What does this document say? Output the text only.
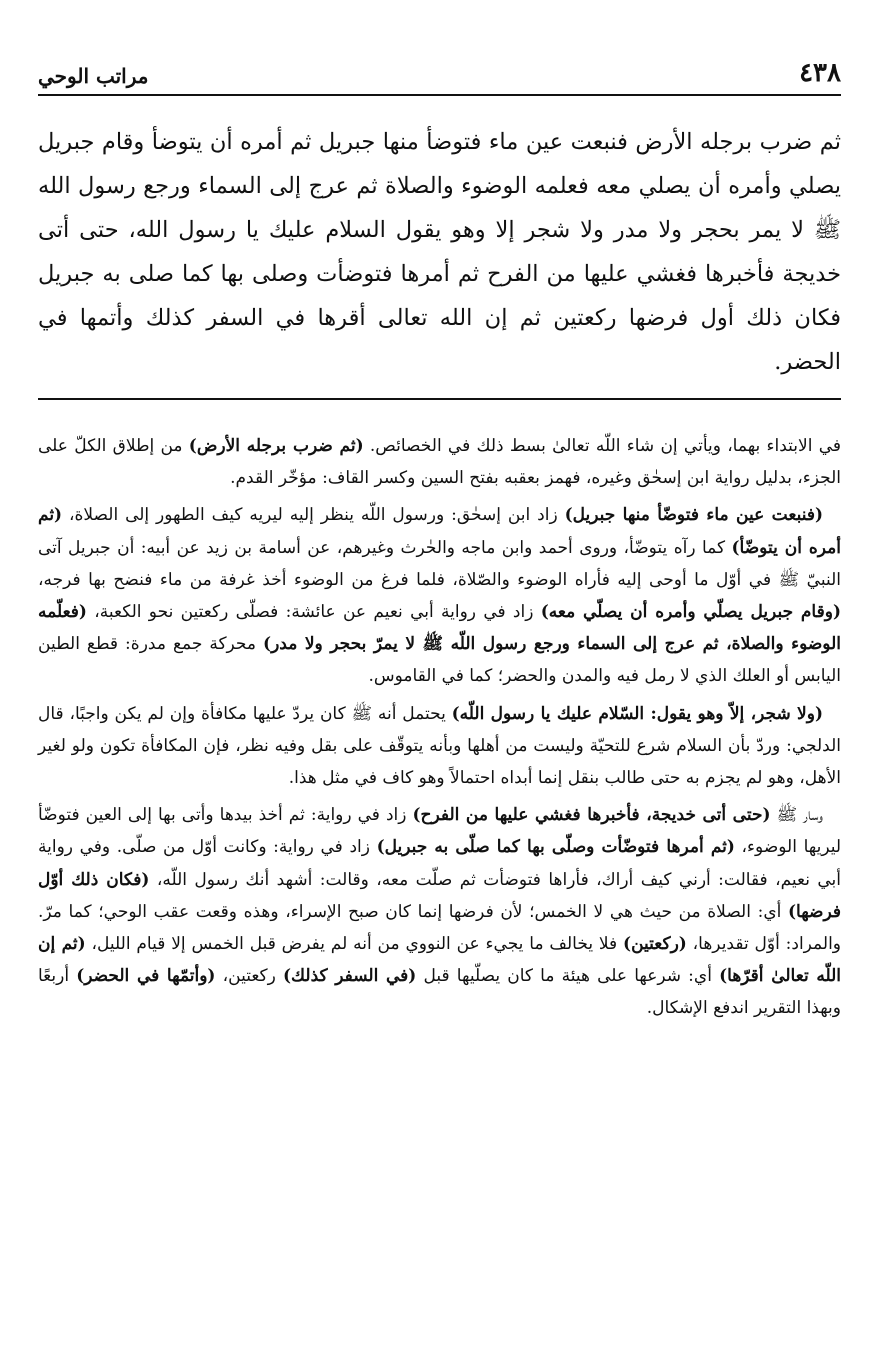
٤٣٨
مراتب الوحي
ثم ضرب برجله الأرض فنبعت عين ماء فتوضأ منها جبريل ثم أمره أن يتوضأ وقام جبريل يصلي وأمره أن يصلي معه فعلمه الوضوء والصلاة ثم عرج إلى السماء ورجع رسول الله ﷺ لا يمر بحجر ولا مدر ولا شجر إلا وهو يقول السلام عليك يا رسول الله، حتى أتى خديجة فأخبرها فغشي عليها من الفرح ثم أمرها فتوضأت وصلى بها كما صلى به جبريل فكان ذلك أول فرضها ركعتين ثم إن الله تعالى أقرها في السفر كذلك وأتمها في الحضر.

في الابتداء بهما، ويأتي إن شاء اللّه تعالىٰ بسط ذلك في الخصائص. (ثم ضرب برجله الأرض) من إطلاق الكلّ على الجزء، بدليل رواية ابن إسحٰق وغيره، فهمز بعقبه بفتح السين وكسر القاف: مؤخّر القدم.

(فنبعت عين ماء فتوضّأ منها جبريل) زاد ابن إسحٰق: ورسول اللّه ينظر إليه ليريه كيف الطهور إلى الصلاة، (ثم أمره أن يتوضّأ) كما رآه يتوضّأ، وروى أحمد وابن ماجه والحٰرث وغيرهم، عن أسامة بن زيد عن أبيه: أن جبريل آتى النبيّ ﷺ في أوّل ما أوحى إليه فأراه الوضوء والصّلاة، فلما فرغ من الوضوء أخذ غرفة من ماء فنضح بها فرجه، (وقام جبريل يصلّي وأمره أن يصلّي معه) زاد في رواية أبي نعيم عن عائشة: فصلّى ركعتين نحو الكعبة، (فعلّمه الوضوء والصلاة، ثم عرج إلى السماء ورجع رسول اللّه ﷺ لا يمرّ بحجر ولا مدر) محركة جمع مدرة: قطع الطين اليابس أو العلك الذي لا رمل فيه والمدن والحضر؛ كما في القاموس.

(ولا شجر، إلاّ وهو يقول: السّلام عليك يا رسول اللّه) يحتمل أنه ﷺ كان يردّ عليها مكافأة وإن لم يكن واجبًا، قال الدلجي: وردّ بأن السلام شرع للتحيّة وليست من أهلها وبأنه يتوقّف على بقل وفيه نظر، فإن المكافأة تكون ولو لغير الأهل، وهو لم يجزم به حتى طالب بنقل إنما أبداه احتمالاً وهو كاف في مثل هذا.

وسار ﷺ (حتى أتى خديجة، فأخبرها فغشي عليها من الفرح) زاد في رواية: ثم أخذ بيدها وأتى بها إلى العين فتوضّأ ليريها الوضوء، (ثم أمرها فتوضّأت وصلّى بها كما صلّى به جبريل) زاد في رواية: وكانت أوّل من صلّى. وفي رواية أبي نعيم، فقالت: أرني كيف أراك، فأراها فتوضأت ثم صلّت معه، وقالت: أشهد أنك رسول اللّه، (فكان ذلك أوّل فرضها) أي: الصلاة من حيث هي لا الخمس؛ لأن فرضها إنما كان صبح الإسراء، وهذه وقعت عقب الوحي؛ كما مرّ. والمراد: أوّل تقديرها، (ركعتين) فلا يخالف ما يجيء عن النووي من أنه لم يفرض قبل الخمس إلا قيام الليل، (ثم إن اللّه تعالىٰ أقرّها) أي: شرعها على هيئة ما كان يصلّيها قبل (في السفر كذلك) ركعتين، (وأتمّها في الحضر) أربعًا وبهذا التقرير اندفع الإشكال.
